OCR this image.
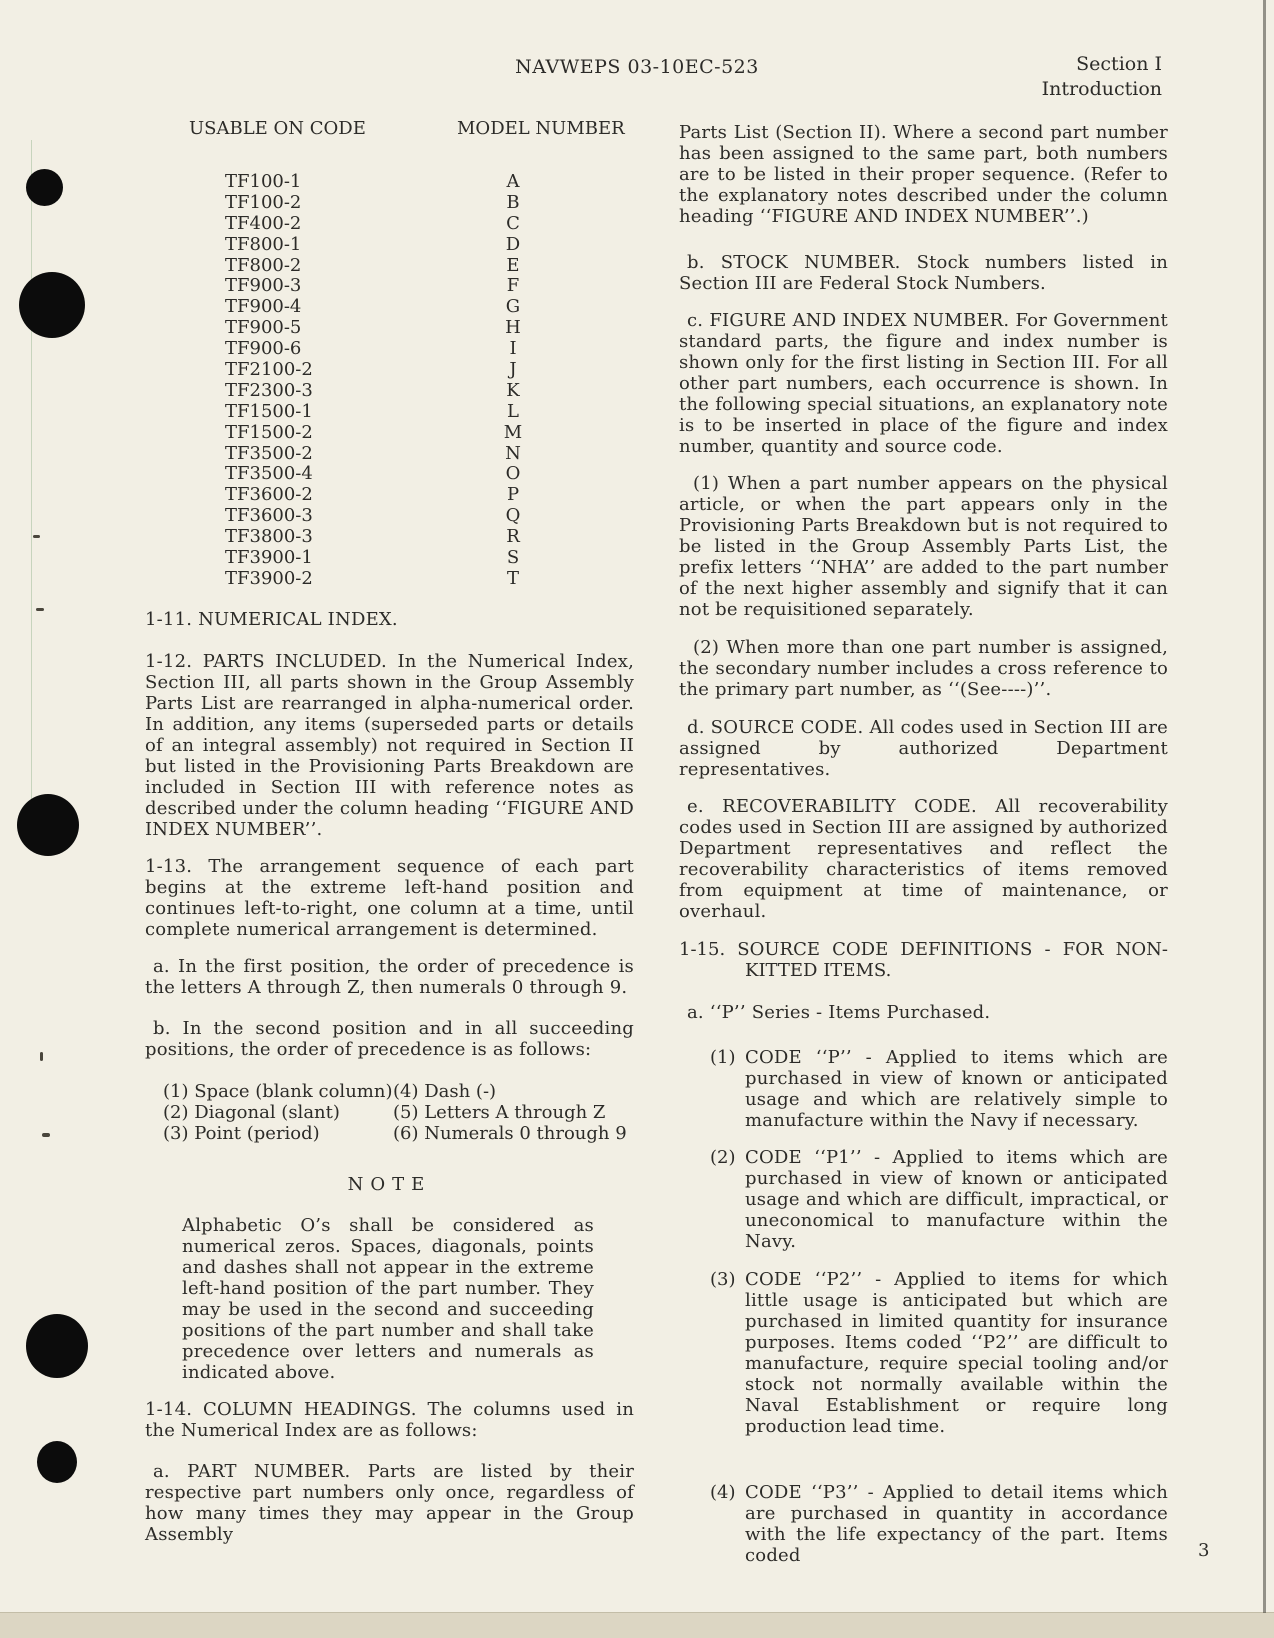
NAVWEPS 03-10EC-523	Section I
Introduction
USABLE ON CODE	MODEL NUMBER
TF100-1	A
TF100-2	B
TF400-2	C
TF800-1	D
TF800-2	E
TF900-3	F
TF900-4	G
TF900-5	H
TF900-6	I
TF2100-2	J
TF2300-3	K
TF1500-1	L
TF1500-2	M
TF3500-2	N
TF3500-4	O
TF3600-2	P
TF3600-3	Q
TF3800-3	R
TF3900-1	S
TF3900-2	T
1-11. NUMERICAL INDEX.
1-12. PARTS INCLUDED. In the Numerical Index, Section III, all parts shown in the Group Assembly Parts List are rearranged in alpha-numerical order. In addition, any items (superseded parts or details of an integral assembly) not required in Section II but listed in the Provisioning Parts Breakdown are included in Section III with reference notes as described under the column heading ‘‘FIGURE AND INDEX NUMBER’’.
1-13. The arrangement sequence of each part begins at the extreme left-hand position and continues left-to-right, one column at a time, until complete numerical arrangement is determined.
a. In the first position, the order of precedence is the letters A through Z, then numerals 0 through 9.
b. In the second position and in all succeeding positions, the order of precedence is as follows:
(1) Space (blank column) (4) Dash (-)
(2) Diagonal (slant)	(5) Letters A through Z
(3) Point (period)	(6) Numerals 0 through 9
NOTE
Alphabetic O’s shall be considered as numerical zeros. Spaces, diagonals, points and dashes shall not appear in the extreme left-hand position of the part number. They may be used in the second and succeeding positions of the part number and shall take precedence over letters and numerals as indicated above.
1-14. COLUMN HEADINGS. The columns used in the Numerical Index are as follows:
a. PART NUMBER. Parts are listed by their respective part numbers only once, regardless of how many times they may appear in the Group Assembly
Parts List (Section II). Where a second part number has been assigned to the same part, both numbers are to be listed in their proper sequence. (Refer to the explanatory notes described under the column heading ‘‘FIGURE AND INDEX NUMBER’’.)
b. STOCK NUMBER. Stock numbers listed in Section III are Federal Stock Numbers.
c. FIGURE AND INDEX NUMBER. For Government standard parts, the figure and index number is shown only for the first listing in Section III. For all other part numbers, each occurrence is shown. In the following special situations, an explanatory note is to be inserted in place of the figure and index number, quantity and source code.
(1) When a part number appears on the physical article, or when the part appears only in the Provisioning Parts Breakdown but is not required to be listed in the Group Assembly Parts List, the prefix letters ‘‘NHA’’ are added to the part number of the next higher assembly and signify that it can not be requisitioned separately.
(2) When more than one part number is assigned, the secondary number includes a cross reference to the primary part number, as ‘‘(See----)’’.
d. SOURCE CODE. All codes used in Section III are assigned by authorized Department representatives.
e. RECOVERABILITY CODE. All recoverability codes used in Section III are assigned by authorized Department representatives and reflect the recoverability characteristics of items removed from equipment at time of maintenance, or overhaul.
1-15. SOURCE CODE DEFINITIONS - FOR NON-
KITTED ITEMS.
a. ‘‘P’’ Series - Items Purchased.
(1) CODE ‘‘P’’ - Applied to items which are purchased in view of known or anticipated usage and which are relatively simple to manufacture within the Navy if necessary.
(2) CODE ‘‘P1’’ - Applied to items which are purchased in view of known or anticipated usage and which are difficult, impractical, or uneconomical to manufacture within the Navy.
(3) CODE ‘‘P2’’ - Applied to items for which little usage is anticipated but which are purchased in limited quantity for insurance purposes. Items coded ‘‘P2’’ are difficult to manufacture, require special tooling and/or stock not normally available within the Naval Establishment or require long production lead time.
(4) CODE ‘‘P3’’ - Applied to detail items which are purchased in quantity in accordance with the life expectancy of the part. Items coded	3
